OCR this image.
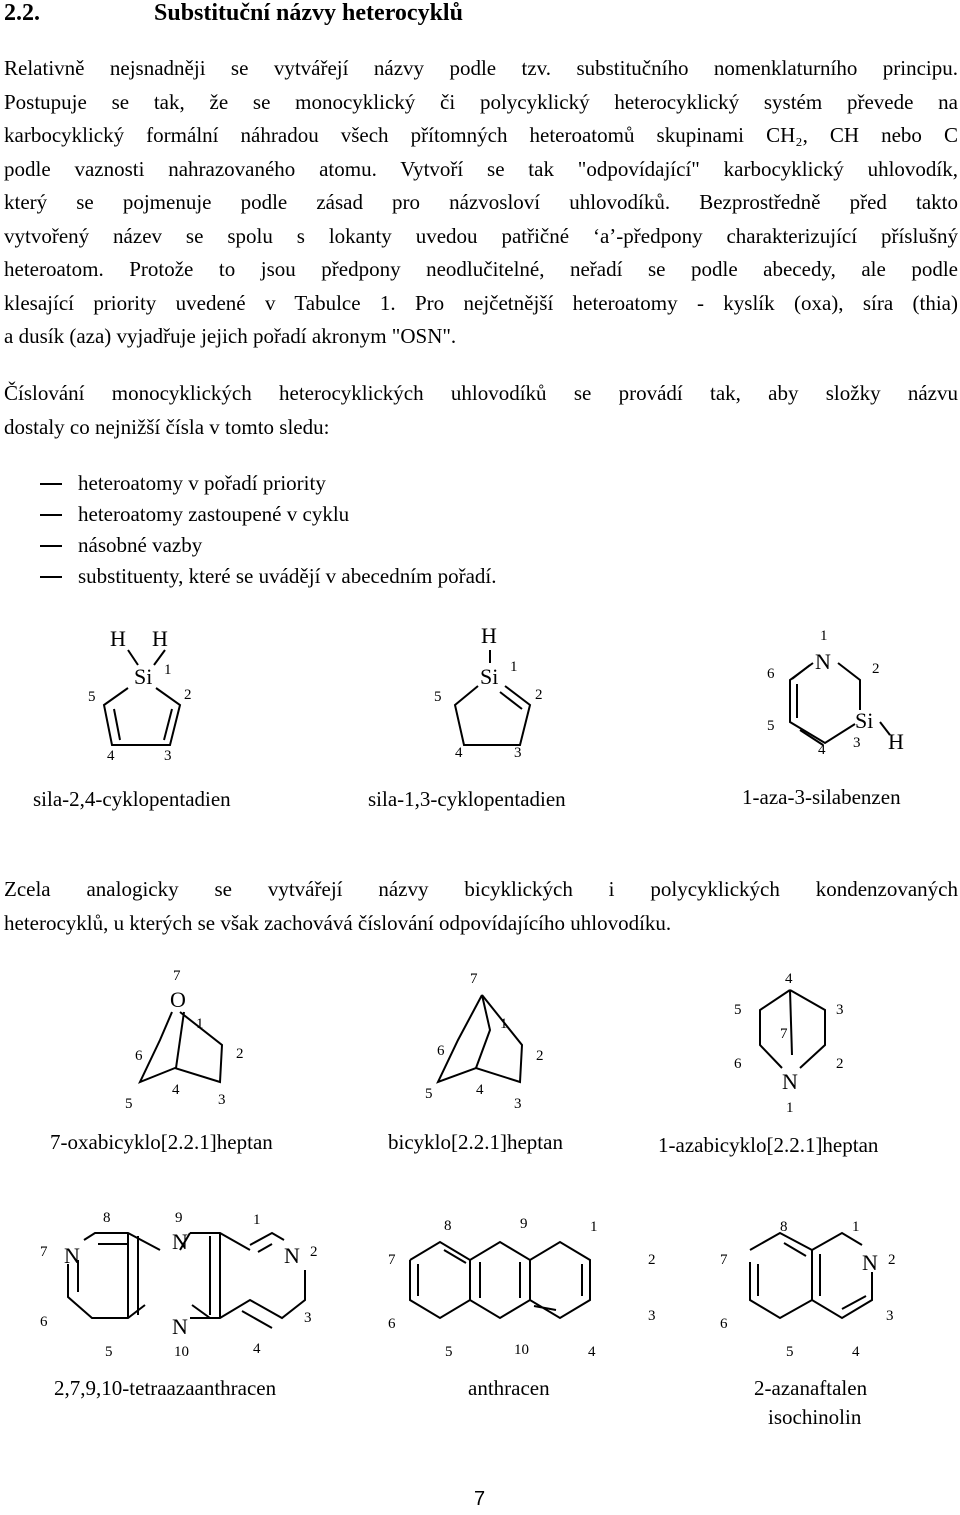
2.2.	Substituční názvy heterocyklů

Relativně nejsnadněji se vytvářejí názvy podle tzv. substitučního nomenklaturního principu.
Postupuje se tak, že se monocyklický či polycyklický heterocyklický systém převede na
karbocyklický formální náhradou všech přítomných heteroatomů skupinami CH₂, CH nebo C
podle vaznosti nahrazovaného atomu. Vytvoří se tak "odpovídající" karbocyklický uhlovodík,
který se pojmenuje podle zásad pro názvosloví uhlovodíků. Bezprostředně před takto
vytvořený název se spolu s lokanty uvedou patřičné ‘a’-předpony charakterizující příslušný
heteroatom. Protože to jsou předpony neodlučitelné, neřadí se podle abecedy, ale podle
klesající priority uvedené v Tabulce 1. Pro nejčetnější heteroatomy - kyslík (oxa), síra (thia)
a dusík (aza) vyjadřuje jejich pořadí akronym "OSN".

Číslování monocyklických heterocyklických uhlovodíků se provádí tak, aby složky názvu
dostaly co nejnižší čísla v tomto sledu:

heteroatomy v pořadí priority
heteroatomy zastoupené v cyklu
násobné vazby
substituenty, které se uvádějí v abecedním pořadí.

Zcela analogicky se vytvářejí názvy bicyklických i polycyklických kondenzovaných
heterocyklů, u kterých se však zachovává číslování odpovídajícího uhlovodíku.

H H
Si 1
2
3
4
5
H
Si 1
2
3
4
5
N
Si
H
1
2
3
4
5
6
sila-2,4-cyklopentadien	sila-1,3-cyklopentadien	1-aza-3-silabenzen
7
O
1
2
3
4
5
6
7
1
2
3
4
5
6
4
5	3
7
6	2
N
1
7-oxabicyklo[2.2.1]heptan	bicyklo[2.2.1]heptan	1-azabicyklo[2.2.1]heptan
8	9	1
N
N	N
7	2
6	3
N
5	10	4
8	9	1
7	2
6	3
5	10	4
8	1
N 2
7
6	3
5	4
2,7,9,10-tetraazaanthracen	anthracen	2-azanaftalen
isochinolin
7
